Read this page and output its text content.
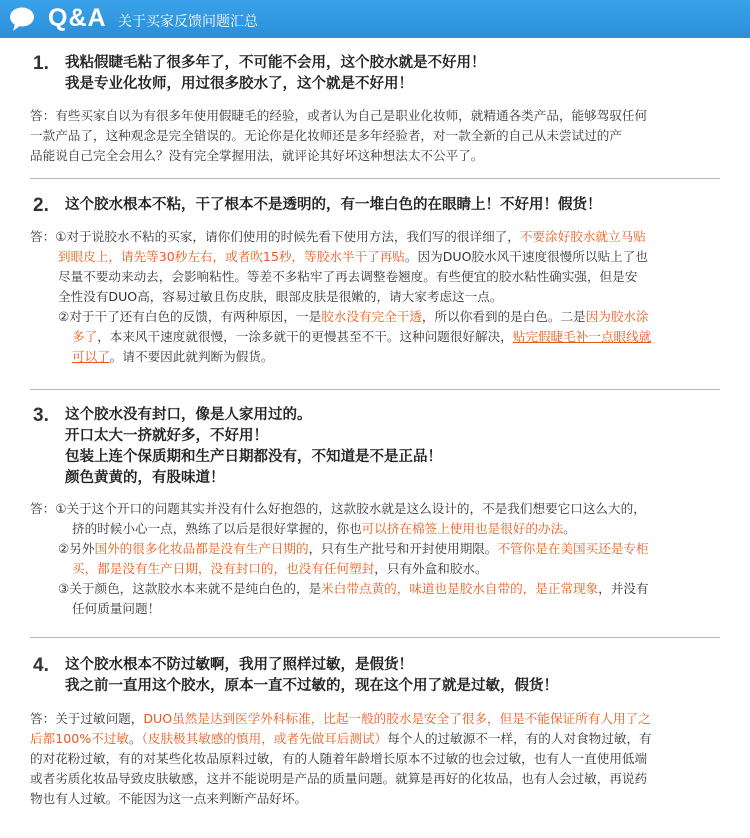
Q&A 关于买家反馈问题汇总
1. 我粘假睫毛粘了很多年了，不可能不会用，这个胶水就是不好用！
我是专业化妆师，用过很多胶水了，这个就是不好用！
答：有些买家自以为有很多年使用假睫毛的经验，或者认为自己是职业化妆师，就精通各类产品，能够驾驭任何
一款产品了，这种观念是完全错误的。无论你是化妆师还是多年经验者，对一款全新的自己从未尝试过的产
品能说自己完全会用么？没有完全掌握用法，就评论其好坏这种想法太不公平了。
2. 这个胶水根本不粘，干了根本不是透明的，有一堆白色的在眼睛上！不好用！假货！
答：①对于说胶水不粘的买家，请你们使用的时候先看下使用方法，我们写的很详细了，不要涂好胶水就立马贴
到眼皮上，请先等30秒左右，或者吹15秒，等胶水半干了再贴。因为DUO胶水风干速度很慢所以贴上了也
尽量不要动来动去，会影响粘性。等差不多粘牢了再去调整卷翘度。有些便宜的胶水粘性确实强，但是安
全性没有DUO高，容易过敏且伤皮肤，眼部皮肤是很嫩的，请大家考虑这一点。
②对于干了还有白色的反馈，有两种原因，一是胶水没有完全干透，所以你看到的是白色。二是因为胶水涂
多了，本来风干速度就很慢，一涂多就干的更慢甚至不干。这种问题很好解决，贴完假睫毛补一点眼线就
可以了。请不要因此就判断为假货。
3. 这个胶水没有封口，像是人家用过的。
开口太大一挤就好多，不好用！
包装上连个保质期和生产日期都没有，不知道是不是正品！
颜色黄黄的，有股味道！
答：①关于这个开口的问题其实并没有什么好抱怨的，这款胶水就是这么设计的，不是我们想要它口这么大的，
挤的时候小心一点，熟练了以后是很好掌握的，你也可以挤在棉签上使用也是很好的办法。
②另外国外的很多化妆品都是没有生产日期的，只有生产批号和开封使用期限。不管你是在美国买还是专柜
买，都是没有生产日期，没有封口的，也没有任何塑封，只有外盒和胶水。
③关于颜色，这款胶水本来就不是纯白色的，是米白带点黄的，味道也是胶水自带的，是正常现象，并没有
任何质量问题！
4. 这个胶水根本不防过敏啊，我用了照样过敏，是假货！
我之前一直用这个胶水，原本一直不过敏的，现在这个用了就是过敏，假货！
答：关于过敏问题，DUO虽然是达到医学外科标准，比起一般的胶水是安全了很多，但是不能保证所有人用了之
后都100%不过敏。（皮肤极其敏感的慎用，或者先做耳后测试）每个人的过敏源不一样，有的人对食物过敏，有
的对花粉过敏，有的对某些化妆品原料过敏，有的人随着年龄增长原本不过敏的也会过敏，也有人一直使用低端
或者劣质化妆品导致皮肤敏感，这并不能说明是产品的质量问题。就算是再好的化妆品，也有人会过敏，再说药
物也有人过敏。不能因为这一点来判断产品好坏。
